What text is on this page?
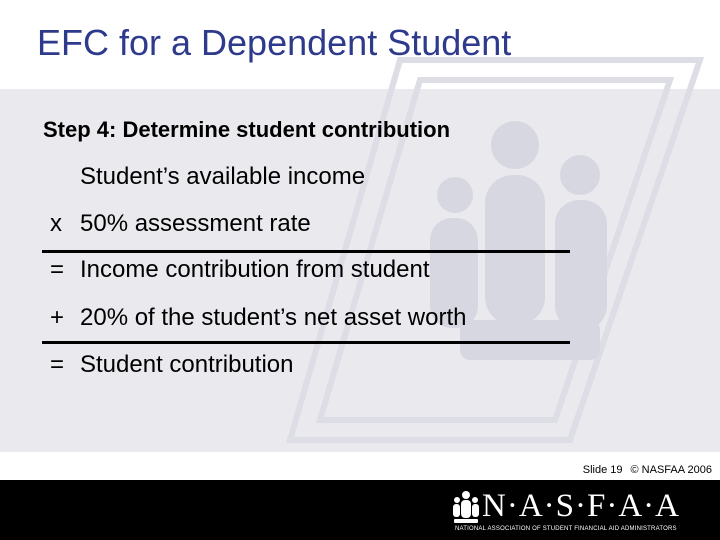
EFC for a Dependent Student
Step 4: Determine student contribution
Student’s available income
x 50% assessment rate
= Income contribution from student
+ 20% of the student’s net asset worth
= Student contribution
Slide 19 © NASFAA 2006
N·A·S·F·A·A
NATIONAL ASSOCIATION OF STUDENT FINANCIAL AID ADMINISTRATORS
